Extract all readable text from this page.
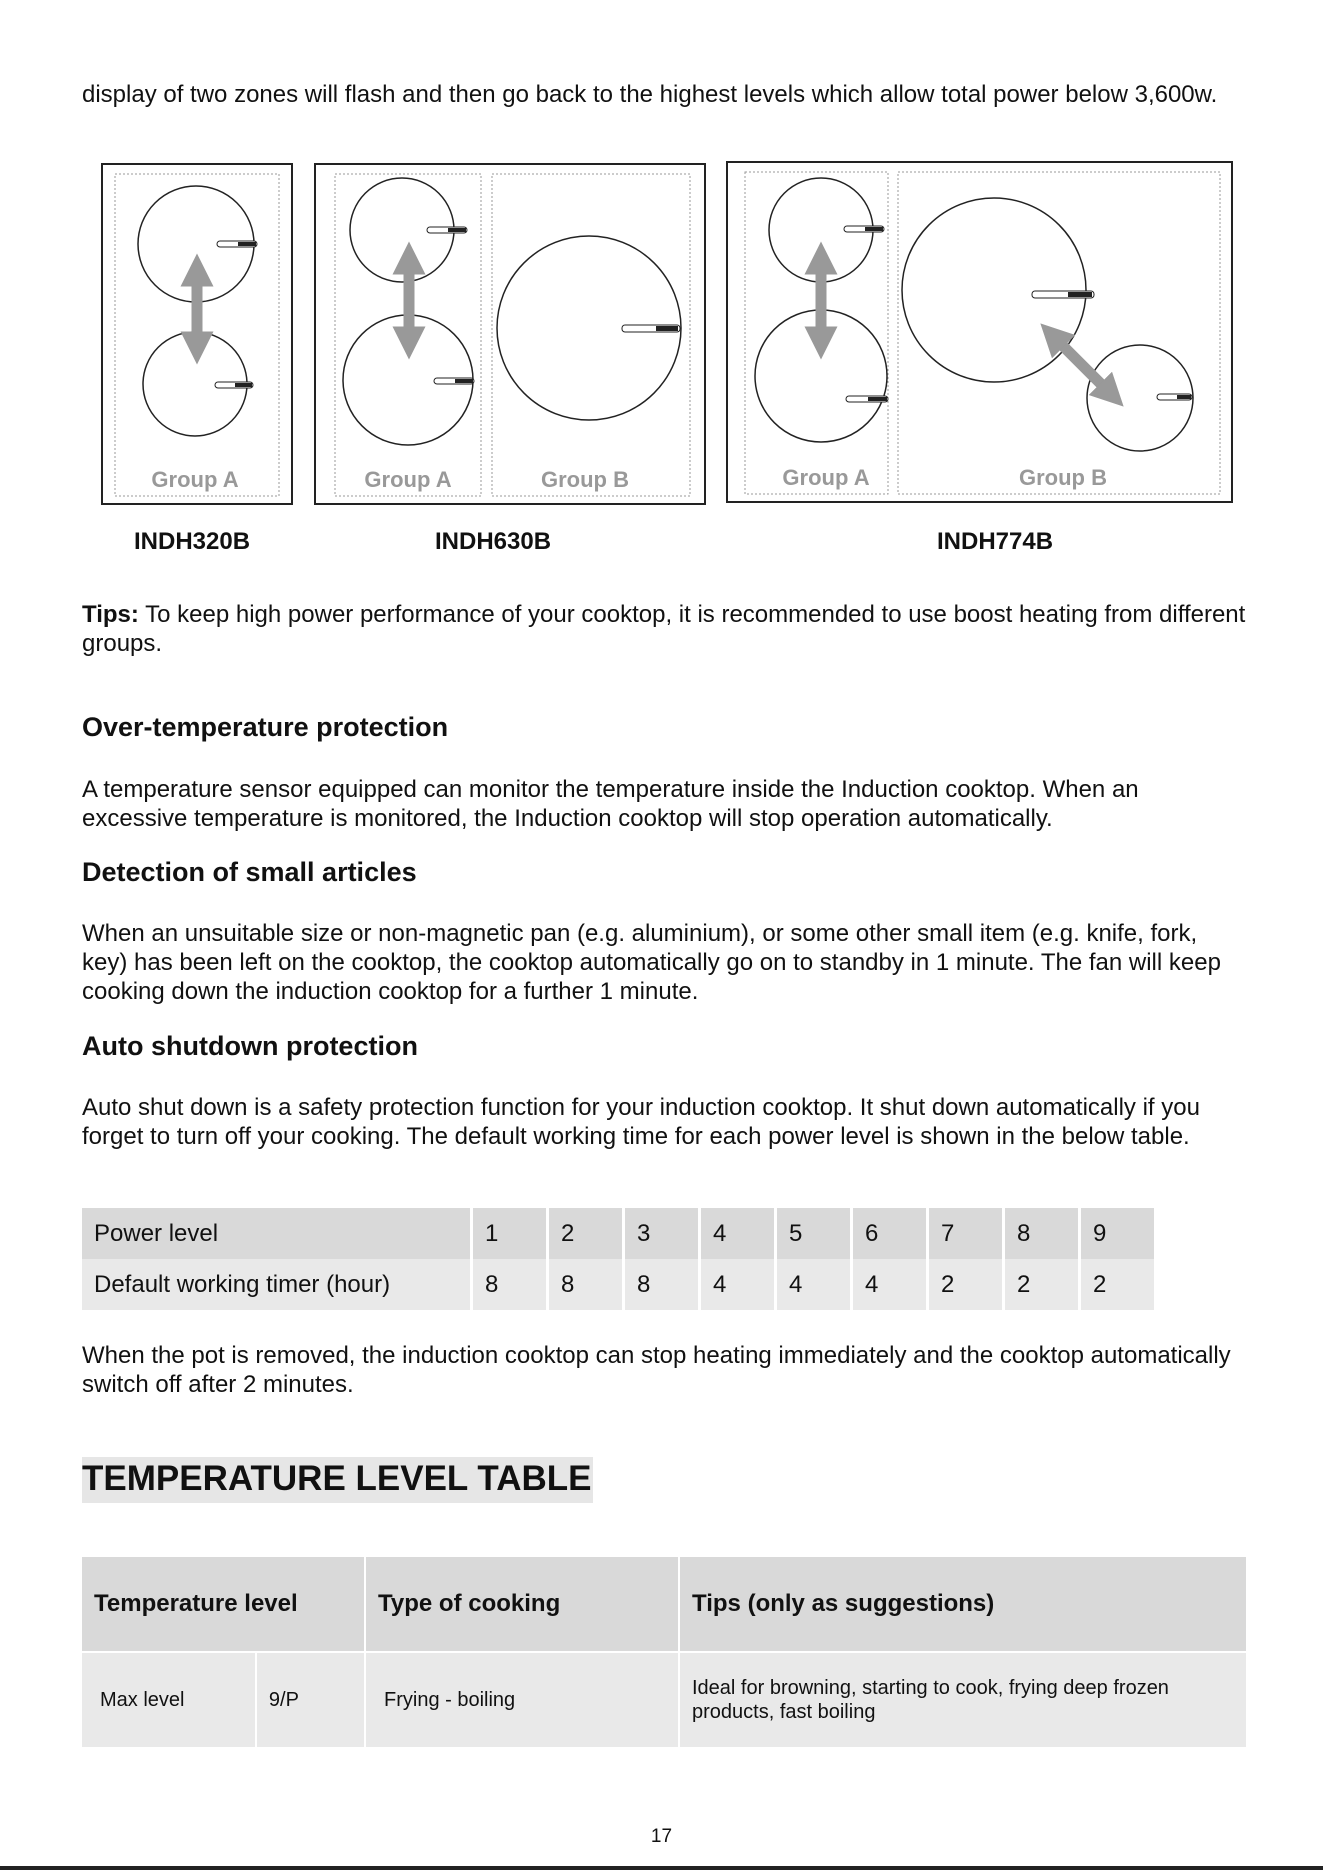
display of two zones will flash and then go back to the highest levels which allow total power below 3,600w.

Group A	Group A	Group B	Group A	Group B
INDH320B	INDH630B	INDH774B

Tips: To keep high power performance of your cooktop, it is recommended to use boost heating from different groups.

Over-temperature protection

A temperature sensor equipped can monitor the temperature inside the Induction cooktop. When an excessive temperature is monitored, the Induction cooktop will stop operation automatically.

Detection of small articles

When an unsuitable size or non-magnetic pan (e.g. aluminium), or some other small item (e.g. knife, fork, key) has been left on the cooktop, the cooktop automatically go on to standby in 1 minute. The fan will keep cooking down the induction cooktop for a further 1 minute.

Auto shutdown protection

Auto shut down is a safety protection function for your induction cooktop. It shut down automatically if you forget to turn off your cooking. The default working time for each power level is shown in the below table.

Power level	1	2	3	4	5	6	7	8	9
Default working timer (hour)	8	8	8	4	4	4	2	2	2

When the pot is removed, the induction cooktop can stop heating immediately and the cooktop automatically switch off after 2 minutes.

TEMPERATURE LEVEL TABLE
Temperature level		Type of cooking	Tips (only as suggestions)
Max level	9/P	Frying - boiling	Ideal for browning, starting to cook, frying deep frozen products, fast boiling
17
